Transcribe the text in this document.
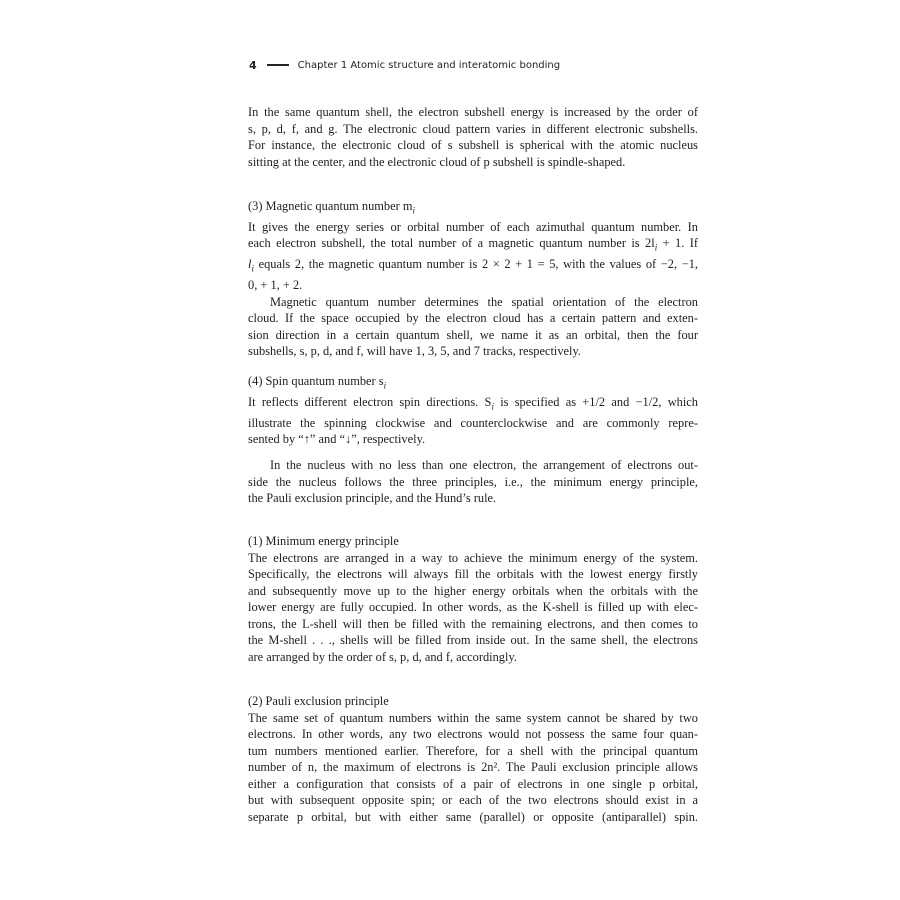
4	Chapter 1 Atomic structure and interatomic bonding
In the same quantum shell, the electron subshell energy is increased by the order of
s, p, d, f, and g. The electronic cloud pattern varies in different electronic subshells.
For instance, the electronic cloud of s subshell is spherical with the atomic nucleus
sitting at the center, and the electronic cloud of p subshell is spindle-shaped.
(3) Magnetic quantum number $m_i$
It gives the energy series or orbital number of each azimuthal quantum number. In
each electron subshell, the total number of a magnetic quantum number is $2l_i + 1$. If
$l_i$ equals 2, the magnetic quantum number is 2 × 2 + 1 = 5, with the values of −2, −1,
0, + 1, + 2.
Magnetic quantum number determines the spatial orientation of the electron
cloud. If the space occupied by the electron cloud has a certain pattern and exten-
sion direction in a certain quantum shell, we name it as an orbital, then the four
subshells, s, p, d, and f, will have 1, 3, 5, and 7 tracks, respectively.
(4) Spin quantum number $s_i$
It reflects different electron spin directions. $S_i$ is specified as +1/2 and −1/2, which
illustrate the spinning clockwise and counterclockwise and are commonly repre-
sented by “↑” and “↓”, respectively.
In the nucleus with no less than one electron, the arrangement of electrons out-
side the nucleus follows the three principles, i.e., the minimum energy principle,
the Pauli exclusion principle, and the Hund’s rule.
(1) Minimum energy principle
The electrons are arranged in a way to achieve the minimum energy of the system.
Specifically, the electrons will always fill the orbitals with the lowest energy firstly
and subsequently move up to the higher energy orbitals when the orbitals with the
lower energy are fully occupied. In other words, as the K-shell is filled up with elec-
trons, the L-shell will then be filled with the remaining electrons, and then comes to
the M-shell . . ., shells will be filled from inside out. In the same shell, the electrons
are arranged by the order of s, p, d, and f, accordingly.
(2) Pauli exclusion principle
The same set of quantum numbers within the same system cannot be shared by two
electrons. In other words, any two electrons would not possess the same four quan-
tum numbers mentioned earlier. Therefore, for a shell with the principal quantum
number of n, the maximum of electrons is 2n². The Pauli exclusion principle allows
either a configuration that consists of a pair of electrons in one single p orbital,
but with subsequent opposite spin; or each of the two electrons should exist in a
separate p orbital, but with either same (parallel) or opposite (antiparallel) spin.
